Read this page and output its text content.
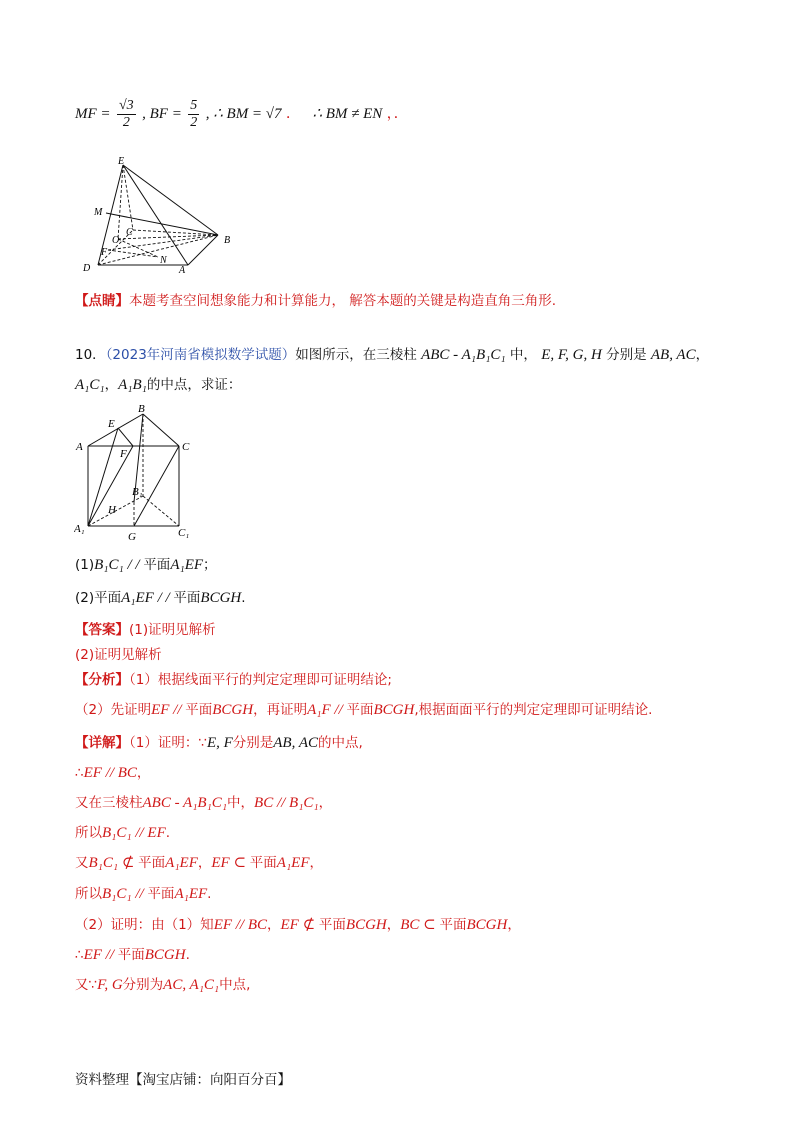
MF = $\frac{√3}{2}$ , BF = $\frac{5}{2}$ , ∴ BM = √7 ． ∴ BM ≠ EN ，．
E
M
C
O
F
N
D	A
B
【点睛】本题考查空间想象能力和计算能力， 解答本题的关键是构造直角三角形.
10．（2023年河南省模拟数学试题）如图所示，在三棱柱 ABC - A₁B₁C₁ 中， E, F, G, H 分别是 AB, AC，
A₁C₁，A₁B₁的中点，求证：
B
E
A
F
C
B₁
H
A₁
G	C₁
(1)B₁C₁ / / 平面A₁EF；
(2)平面A₁EF / / 平面BCGH.
【答案】(1)证明见解析
(2)证明见解析
【分析】（1）根据线面平行的判定定理即可证明结论;
（2）先证明EF // 平面BCGH，再证明A₁F // 平面BCGH,根据面面平行的判定定理即可证明结论.
【详解】（1）证明：∵E, F分别是AB, AC的中点,
∴EF // BC，
又在三棱柱ABC - A₁B₁C₁中，BC // B₁C₁，
所以B₁C₁ // EF.
又B₁C₁ ⊄ 平面A₁EF，EF ⊂ 平面A₁EF，
所以B₁C₁ // 平面A₁EF.
（2）证明：由（1）知EF // BC，EF ⊄ 平面BCGH，BC ⊂ 平面BCGH，
∴EF // 平面BCGH.
又∵F, G分别为AC, A₁C₁中点,
资料整理【淘宝店铺：向阳百分百】
